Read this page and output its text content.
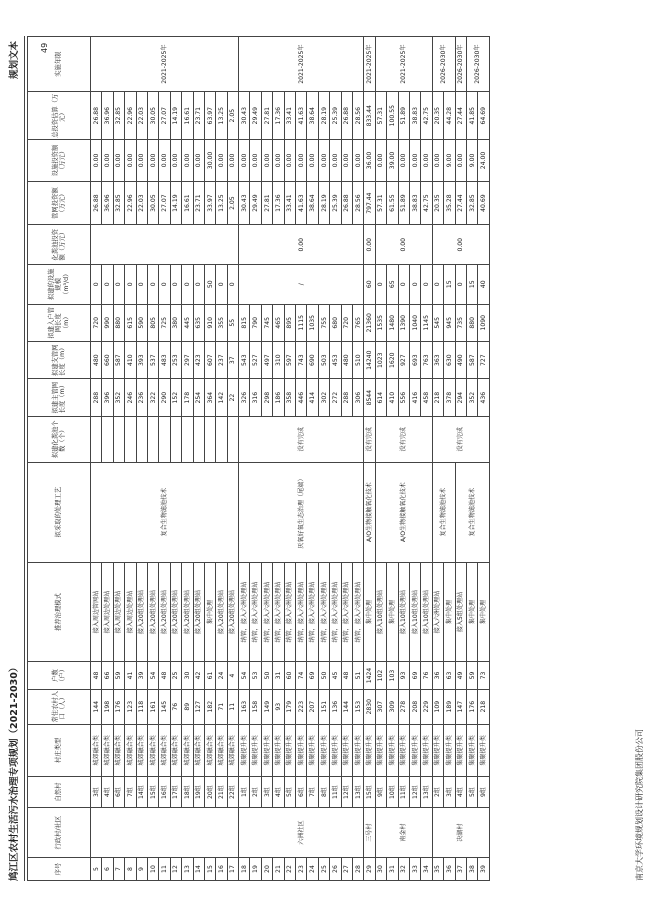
鸠江区农村生活污水治理专项规划（2021-2030）
规划文本	49
序号	行政村/社区	自然村	村庄类型	常住农村人口（人）	户数（户）	推荐治理模式	拟采取的处理工艺	拟建化粪池个数（个）	拟建主管网长度（m）	拟建支管网长度（m）	拟建入户管网长度（m）	拟建的设施规模（m³/d）	化粪池投资额（万元）	管网投资额（万元）	设施投资额（万元）	总投资估算（万元）	实施年限
5		3组	城郊融合类	144	48	接入周边管网站	复合生物滤池技术		288	480	720	0		26.88	0.00	26.88	2021-2025年
6		4组	城郊融合类	198	66	接入周边处理站			396	660	990	0		36.96	0.00	36.96	
7		6组	城郊融合类	176	59	接入周边处理站			352	587	880	0		32.85	0.00	32.85	
8		7组	城郊融合类	123	41	接入周边处理站			246	410	615	0		22.96	0.00	22.96	
9		14组	城郊融合类	118	39	接入20组处理站			236	393	590	0		22.03	0.00	22.03	
10		15组	城郊融合类	161	54	接入20组处理站			322	537	805	0		30.05	0.00	30.05	
11		16组	城郊融合类	145	48	接入20组处理站			290	483	725	0		27.07	0.00	27.07	
12		17组	城郊融合类	76	25	接入20组处理站			152	253	380	0		14.19	0.00	14.19	
13		18组	城郊融合类	89	30	接入20组处理站			178	297	445	0		16.61	0.00	16.61	
14		19组	城郊融合类	127	42	接入20组处理站			254	423	635	0		23.71	0.00	23.71	
15		20组	城郊融合类	182	61	集中处理			364	607	910	50		33.97	30.00	63.97	
16		21组	城郊融合类	71	24	接入20组处理站			142	237	355	0		13.25	0.00	13.25	
17		22组	城郊融合类	11	4	接入20组处理站			22	37	55	0		2.05	0.00	2.05	
18	六洲社区	1组	集聚提升类	163	54	纳管，接入六洲处理站	厌氧好氧生态治理（尾端）	没有完成	326	543	815	/	0.00	30.43	0.00	30.43	2021-2025年
19		2组	集聚提升类	158	53	纳管，接入六洲处理站			316	527	790			29.49	0.00	29.49	
20		3组	集聚提升类	149	50	纳管，接入六洲处理站			298	497	745			27.81	0.00	27.81	
21		4组	集聚提升类	93	31	纳管，接入六洲处理站			186	310	465			17.36	0.00	17.36	
22		5组	集聚提升类	179	60	纳管，接入六洲处理站			358	597	895			33.41	0.00	33.41	
23		6组	集聚提升类	223	74	纳管，接入六洲处理站			446	743	1115			41.63	0.00	41.63	
24		7组	集聚提升类	207	69	纳管，接入六洲处理站			414	690	1035			38.64	0.00	38.64	
25		8组	集聚提升类	151	50	纳管，接入六洲处理站			302	503	755			28.19	0.00	28.19	
26		11组	集聚提升类	136	45	纳管，接入六洲处理站			272	453	680			25.39	0.00	25.39	
27		12组	集聚提升类	144	48	纳管，接入六洲处理站			288	480	720			26.88	0.00	26.88	
28		13组	集聚提升类	153	51	纳管，接入六洲处理站			306	510	765			28.56	0.00	28.56	
29	三号村	15组	集聚提升类	2830	1424	集中处理	A/O生物接触氧化技术	没有完成	8544	14240	21360	60	0.00	797.44	36.00	833.44	2021-2025年
30	南金村	9组	集聚提升类	307	102	接入10组处理站	A/O生物接触氧化技术	没有完成	614	1023	1535	0	0.00	57.31	0.00	57.31	2021-2025年
31		10组	集聚提升类	309	103	集中处理			410	1620	1480	65		61.55	39.00	100.55	
32		11组	集聚提升类	278	93	接入10组处理站			556	927	1390	0		51.89	0.00	51.89	
33		12组	集聚提升类	208	69	接入10组处理站			416	693	1040	0		38.83	0.00	38.83	
34		13组	集聚提升类	229	76	接入10组处理站			458	763	1145	0		42.75	0.00	42.75	
35	决湖村	2组	集聚提升类	109	36	接入六洲处理站	复合生物滤池技术	没有完成	218	363	545	0	0.00	20.35	0.00	20.35	2026-2030年
36		3组	集聚提升类	189	63	集中处理			378	630	945	15		35.28	9.00	44.28	
37		4组	集聚提升类	147	49	接入5组处理站	复合生物滤池技术		294	490	735	0		27.44	0.00	27.44	2026-2030年
38		5组	集聚提升类	176	59	集中处理			352	587	880	15		32.85	9.00	41.85	2026-2030年
39		9组	集聚提升类	218	73	集中处理			436	727	1090	40		40.69	24.00	64.69	
南京大学环境规划设计研究院集团股份公司
